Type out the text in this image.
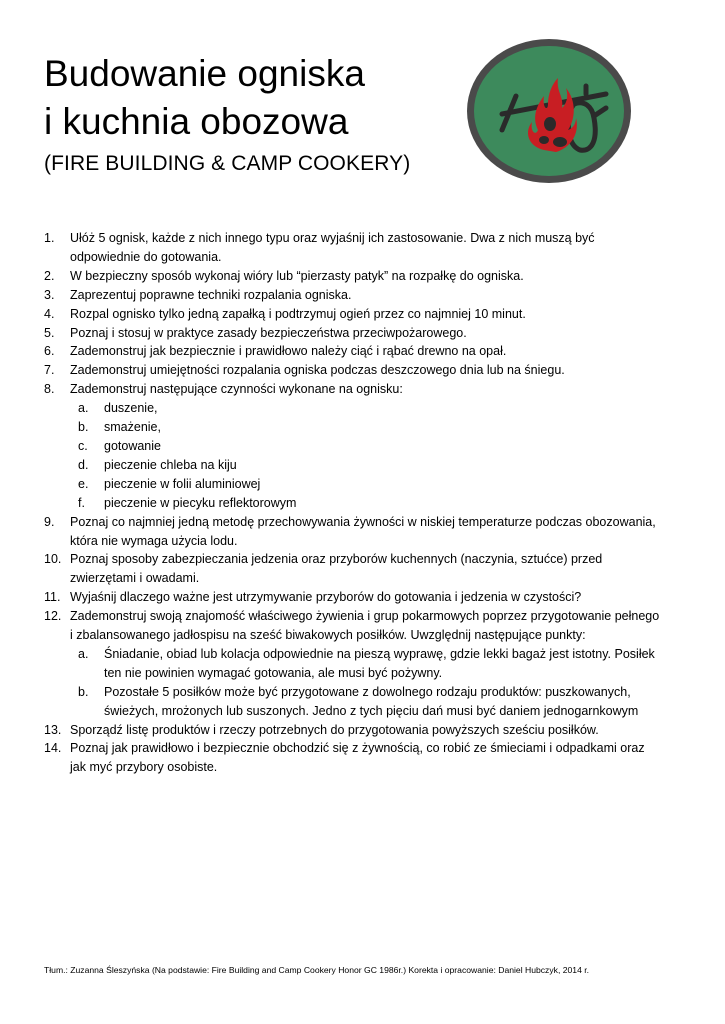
Budowanie ogniska
i kuchnia obozowa

(FIRE BUILDING & CAMP COOKERY)

1. Ułóż 5 ognisk, każde z nich innego typu oraz wyjaśnij ich zastosowanie. Dwa z nich muszą być odpowiednie do gotowania.
2. W bezpieczny sposób wykonaj wióry lub “pierzasty patyk” na rozpałkę do ogniska.
3. Zaprezentuj poprawne techniki rozpalania ogniska.
4. Rozpal ognisko tylko jedną zapałką i podtrzymuj ogień przez co najmniej 10 minut.
5. Poznaj i stosuj w praktyce zasady bezpieczeństwa przeciwpożarowego.
6. Zademonstruj jak bezpiecznie i prawidłowo należy ciąć i rąbać drewno na opał.
7. Zademonstruj umiejętności rozpalania ogniska podczas deszczowego dnia lub na śniegu.
8. Zademonstruj następujące czynności wykonane na ognisku:
a. duszenie,
b. smażenie,
c. gotowanie
d. pieczenie chleba na kiju
e. pieczenie w folii aluminiowej
f. pieczenie w piecyku reflektorowym
9. Poznaj co najmniej jedną metodę przechowywania żywności w niskiej temperaturze podczas obozowania, która nie wymaga użycia lodu.
10. Poznaj sposoby zabezpieczania jedzenia oraz przyborów kuchennych (naczynia, sztućce) przed zwierzętami i owadami.
11. Wyjaśnij dlaczego ważne jest utrzymywanie przyborów do gotowania i jedzenia w czystości?
12. Zademonstruj swoją znajomość właściwego żywienia i grup pokarmowych poprzez przygotowanie pełnego i zbalansowanego jadłospisu na sześć biwakowych posiłków. Uwzględnij następujące punkty:
a. Śniadanie, obiad lub kolacja odpowiednie na pieszą wyprawę, gdzie lekki bagaż jest istotny. Posiłek ten nie powinien wymagać gotowania, ale musi być pożywny.
b. Pozostałe 5 posiłków może być przygotowane z dowolnego rodzaju produktów: puszkowanych, świeżych, mrożonych lub suszonych. Jedno z tych pięciu dań musi być daniem jednogarnkowym
13. Sporządź listę produktów i rzeczy potrzebnych do przygotowania powyższych sześciu posiłków.
14. Poznaj jak prawidłowo i bezpiecznie obchodzić się z żywnością, co robić ze śmieciami i odpadkami oraz jak myć przybory osobiste.
Tłum.: Zuzanna Śleszyńska (Na podstawie: Fire Building and Camp Cookery Honor GC 1986r.) Korekta i opracowanie: Daniel Hubczyk, 2014 r.
